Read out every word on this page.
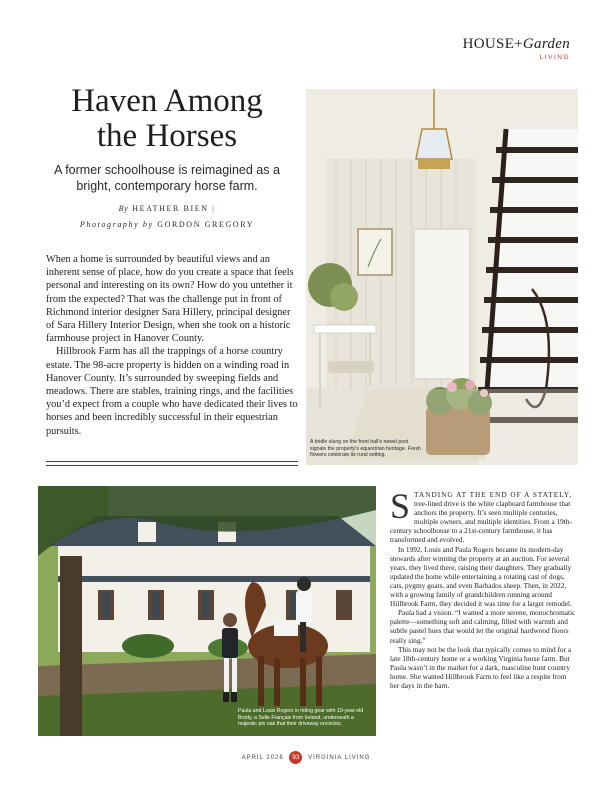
HOUSE+Garden
LIVING
Haven Among
the Horses
A former schoolhouse is reimagined as a bright, contemporary horse farm.
By HEATHER BIEN |
Photography by GORDON GREGORY

When a home is surrounded by beautiful views and an inherent sense of place, how do you create a space that feels personal and interesting on its own? How do you untether it from the expected? That was the challenge put in front of Richmond interior designer Sara Hillery, principal designer of Sara Hillery Interior Design, when she took on a historic farmhouse project in Hanover County.

Hillbrook Farm has all the trappings of a horse country estate. The 98-acre property is hidden on a winding road in Hanover County. It’s surrounded by sweeping fields and meadows. There are stables, training rings, and the facilities you’d expect from a couple who have dedicated their lives to horses and been incredibly successful in their equestrian pursuits.

A bridle slung on the front hall’s newel post signals the property’s equestrian heritage. Fresh flowers celebrate its rural setting.
Paula and Louis Rogers in riding gear with 10-year-old Brody, a Selle Français from Ireland, underneath a majestic pin oak that their driveway encircles.

STANDING AT THE END OF A STATELY, tree-lined drive is the white clapboard farmhouse that anchors the property. It’s seen multiple centuries, multiple owners, and multiple identities. From a 19th-century schoolhouse to a 21st-century farmhouse, it has transformed and evolved.

In 1992, Louis and Paula Rogers became its modern-day stewards after winning the property at an auction. For several years, they lived there, raising their daughters. They gradually updated the home while entertaining a rotating cast of dogs, cats, pygmy goats, and even Barbados sheep. Then, in 2022, with a growing family of grandchildren running around Hillbrook Farm, they decided it was time for a larger remodel.

Paula had a vision. “I wanted a more serene, monochromatic palette—something soft and calming, filled with warmth and subtle pastel hues that would let the original hardwood floors really sing.”

This may not be the look that typically comes to mind for a late 18th-century home or a working Virginia horse farm. But Paula wasn’t in the market for a dark, masculine hunt country home. She wanted Hillbrook Farm to feel like a respite from her days in the barn.

APRIL 2026 93 VIRGINIA LIVING
